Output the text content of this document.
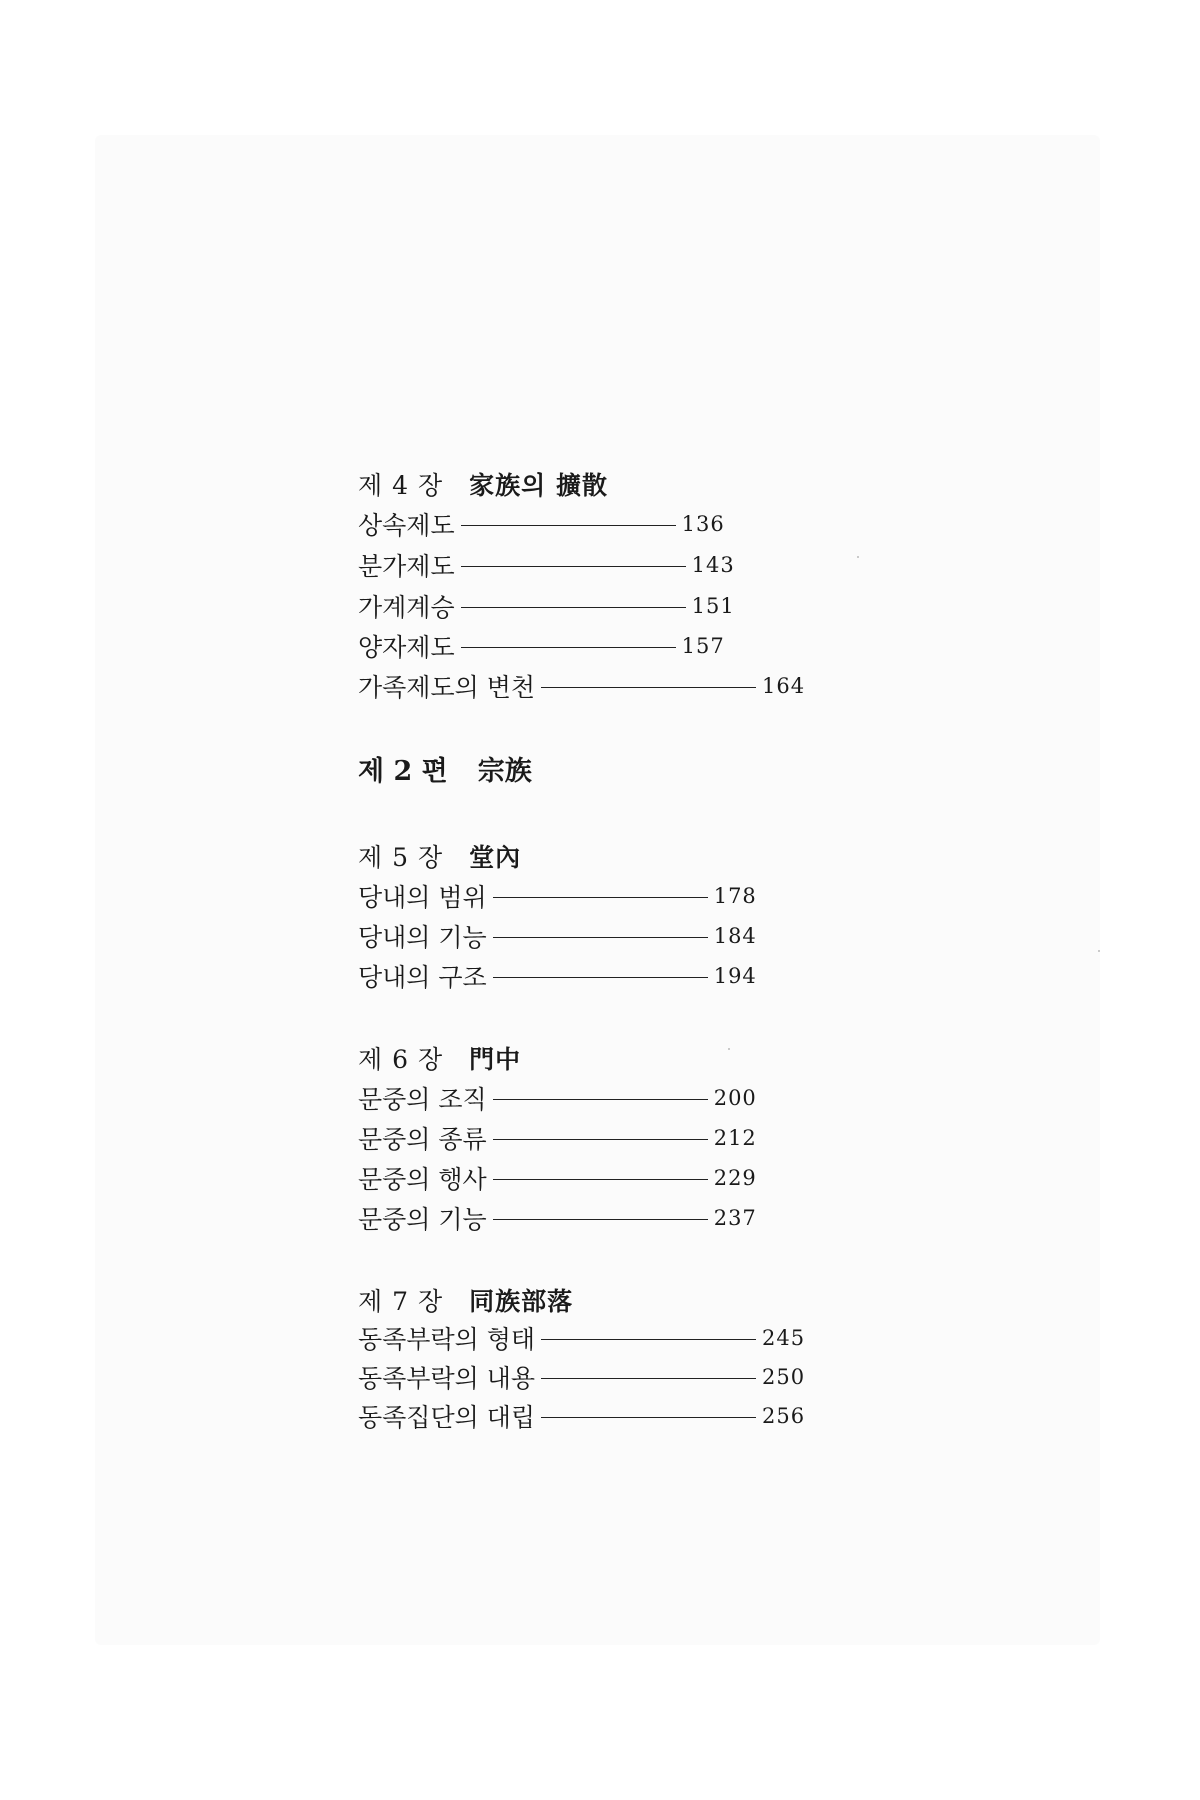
제 4 장 家族의 擴散
상속제도	136
분가제도	143
가계계승	151
양자제도	157
가족제도의 변천	164
제 2 편 宗族
제 5 장 堂內
당내의 범위	178
당내의 기능	184
당내의 구조	194
제 6 장 門中
문중의 조직	200
문중의 종류	212
문중의 행사	229
문중의 기능	237
제 7 장 同族部落
동족부락의 형태	245
동족부락의 내용	250
동족집단의 대립	256
